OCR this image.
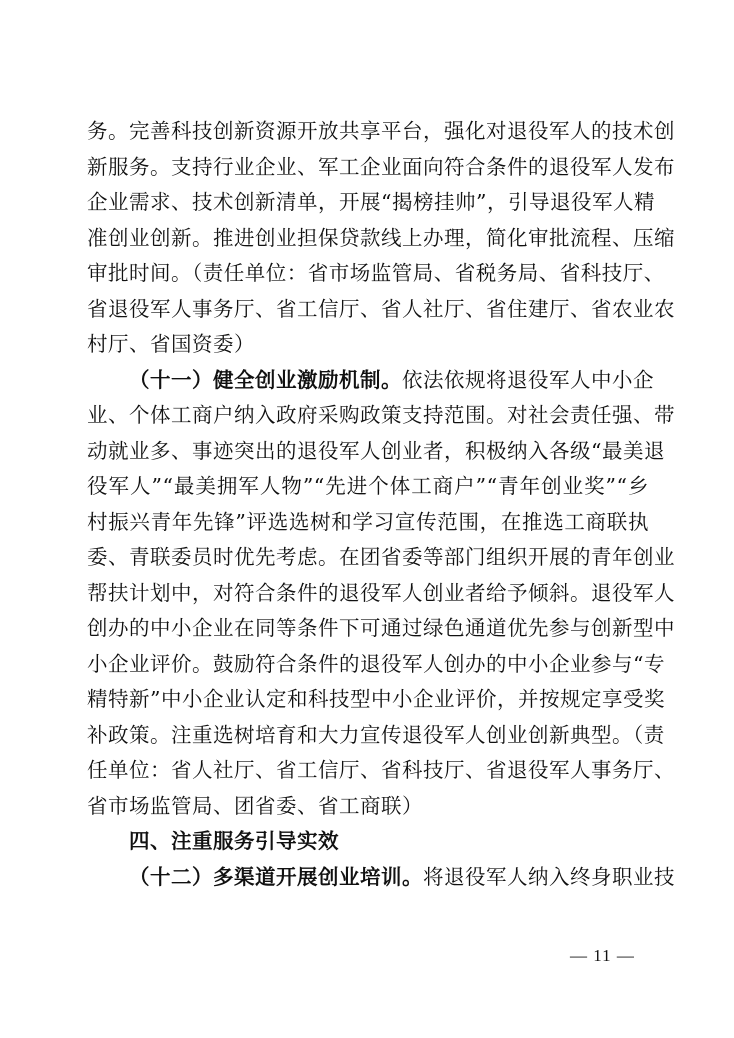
务。完善科技创新资源开放共享平台，强化对退役军人的技术创
新服务。支持行业企业、军工企业面向符合条件的退役军人发布
企业需求、技术创新清单，开展“揭榜挂帅”，引导退役军人精
准创业创新。推进创业担保贷款线上办理，简化审批流程、压缩
审批时间。（责任单位：省市场监管局、省税务局、省科技厅、
省退役军人事务厅、省工信厅、省人社厅、省住建厅、省农业农
村厅、省国资委）
（十一）健全创业激励机制。依法依规将退役军人中小企
业、个体工商户纳入政府采购政策支持范围。对社会责任强、带
动就业多、事迹突出的退役军人创业者，积极纳入各级“最美退
役军人”“最美拥军人物”“先进个体工商户”“青年创业奖”“乡
村振兴青年先锋”评选选树和学习宣传范围，在推选工商联执
委、青联委员时优先考虑。在团省委等部门组织开展的青年创业
帮扶计划中，对符合条件的退役军人创业者给予倾斜。退役军人
创办的中小企业在同等条件下可通过绿色通道优先参与创新型中
小企业评价。鼓励符合条件的退役军人创办的中小企业参与“专
精特新”中小企业认定和科技型中小企业评价，并按规定享受奖
补政策。注重选树培育和大力宣传退役军人创业创新典型。（责
任单位：省人社厅、省工信厅、省科技厅、省退役军人事务厅、
省市场监管局、团省委、省工商联）
四、注重服务引导实效
（十二）多渠道开展创业培训。将退役军人纳入终身职业技
— 11 —
